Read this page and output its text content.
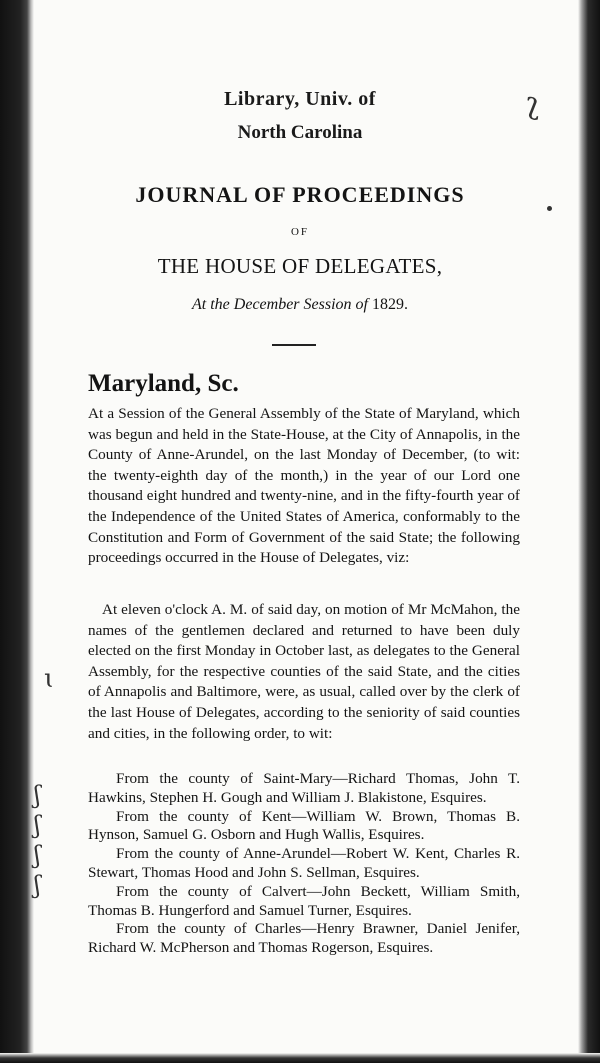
Library, Univ. of
North Carolina
ʅ
JOURNAL OF PROCEEDINGS
OF
THE HOUSE OF DELEGATES,
At the December Session of 1829.
Maryland, Sc.

At a Session of the General Assembly of the State of Maryland, which was begun and held in the State-House, at the City of Annapolis, in the County of Anne-Arundel, on the last Monday of December, (to wit: the twenty-eighth day of the month,) in the year of our Lord one thousand eight hundred and twenty-nine, and in the fifty-fourth year of the Independence of the United States of America, conformably to the Constitution and Form of Government of the said State; the following proceedings occurred in the House of Delegates, viz:

At eleven o'clock A. M. of said day, on motion of Mr McMahon, the names of the gentlemen declared and returned to have been duly elected on the first Monday in October last, as delegates to the General Assembly, for the respective counties of the said State, and the cities of Annapolis and Baltimore, were, as usual, called over by the clerk of the last House of Delegates, according to the seniority of said counties and cities, in the following order, to wit:

From the county of Saint-Mary—Richard Thomas, John T. Hawkins, Stephen H. Gough and William J. Blakistone, Esquires.

From the county of Kent—William W. Brown, Thomas B. Hynson, Samuel G. Osborn and Hugh Wallis, Esquires.

From the county of Anne-Arundel—Robert W. Kent, Charles R. Stewart, Thomas Hood and John S. Sellman, Esquires.

From the county of Calvert—John Beckett, William Smith, Thomas B. Hungerford and Samuel Turner, Esquires.

From the county of Charles—Henry Brawner, Daniel Jenifer, Richard W. McPherson and Thomas Rogerson, Esquires.

ɩ
ʃ
ʃ
ʃ
ʃ
